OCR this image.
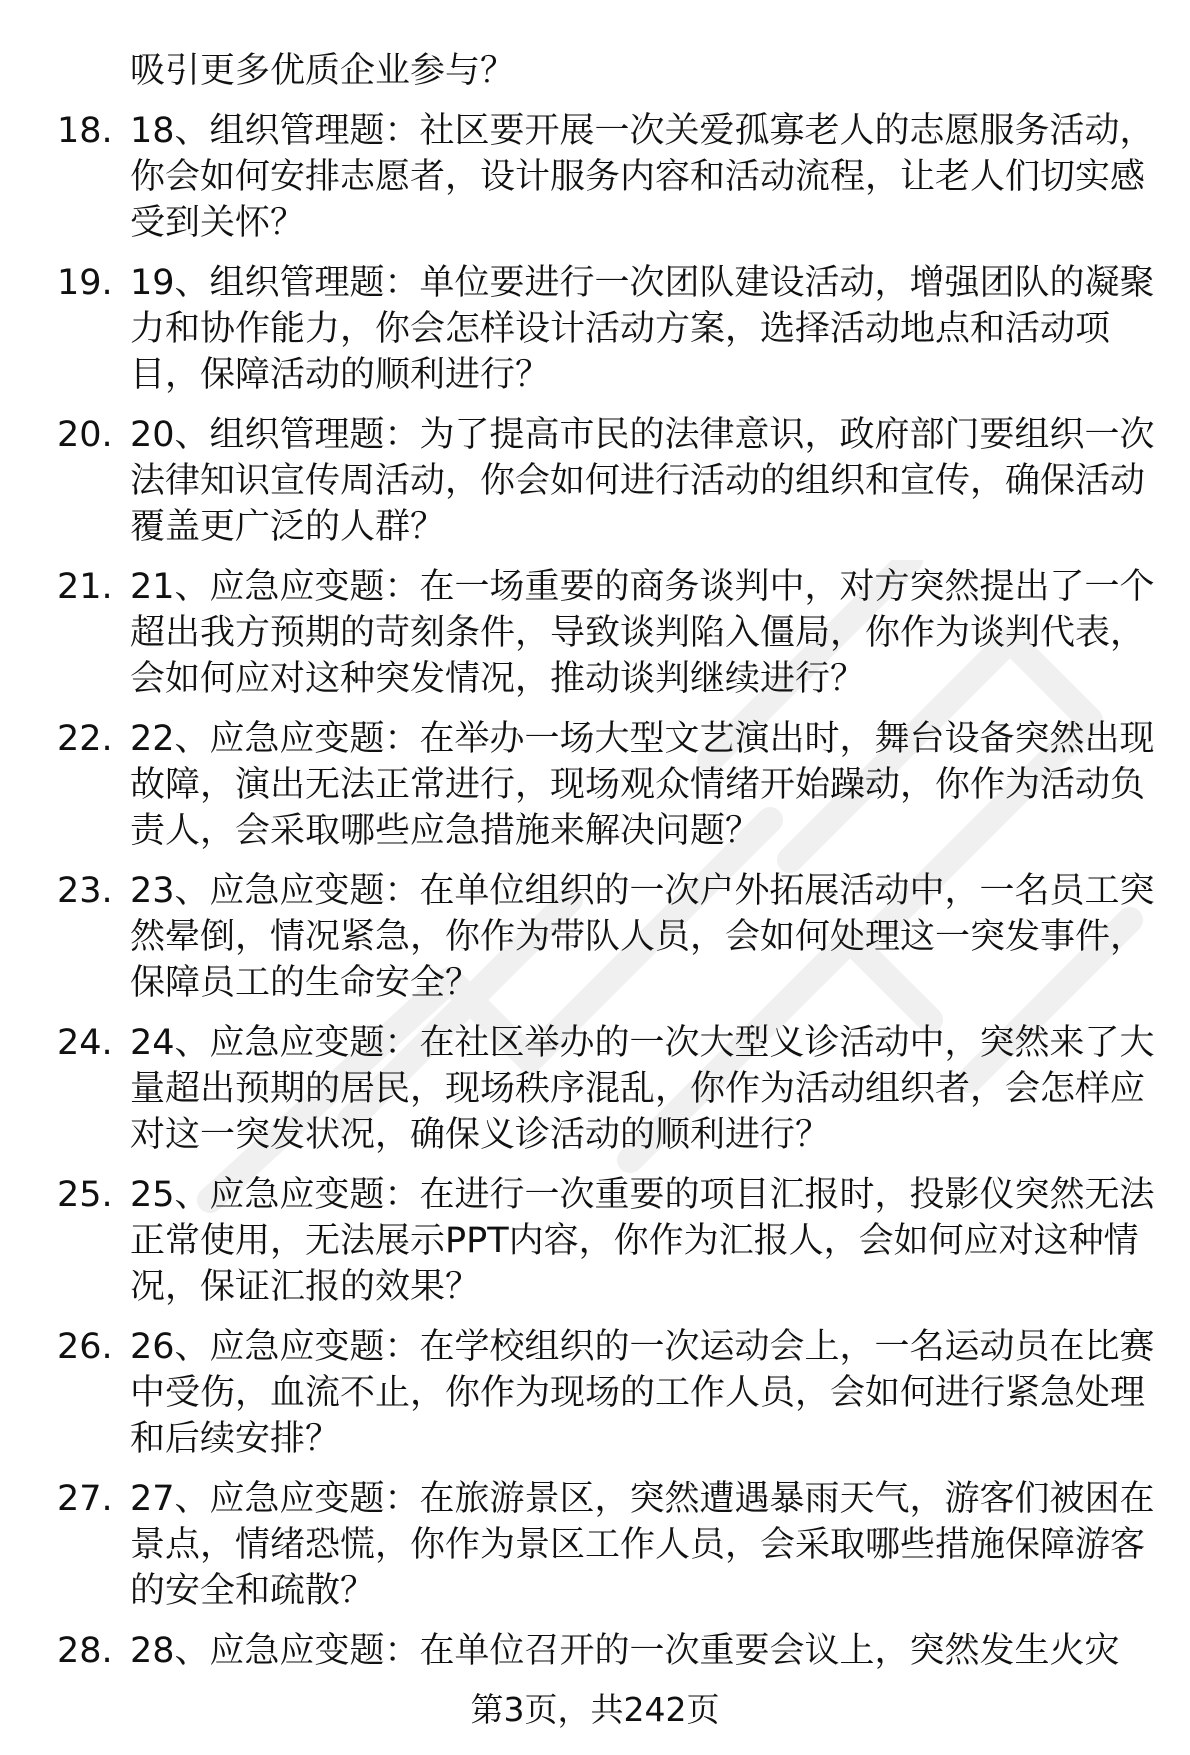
吸引更多优质企业参与？
18. 18、组织管理题：社区要开展一次关爱孤寡老人的志愿服务活动，你会如何安排志愿者，设计服务内容和活动流程，让老人们切实感受到关怀？
19. 19、组织管理题：单位要进行一次团队建设活动，增强团队的凝聚力和协作能力，你会怎样设计活动方案，选择活动地点和活动项目，保障活动的顺利进行？
20. 20、组织管理题：为了提高市民的法律意识，政府部门要组织一次法律知识宣传周活动，你会如何进行活动的组织和宣传，确保活动覆盖更广泛的人群？
21. 21、应急应变题：在一场重要的商务谈判中，对方突然提出了一个超出我方预期的苛刻条件，导致谈判陷入僵局，你作为谈判代表，会如何应对这种突发情况，推动谈判继续进行？
22. 22、应急应变题：在举办一场大型文艺演出时，舞台设备突然出现故障，演出无法正常进行，现场观众情绪开始躁动，你作为活动负责人，会采取哪些应急措施来解决问题？
23. 23、应急应变题：在单位组织的一次户外拓展活动中，一名员工突然晕倒，情况紧急，你作为带队人员，会如何处理这一突发事件，保障员工的生命安全？
24. 24、应急应变题：在社区举办的一次大型义诊活动中，突然来了大量超出预期的居民，现场秩序混乱，你作为活动组织者，会怎样应对这一突发状况，确保义诊活动的顺利进行？
25. 25、应急应变题：在进行一次重要的项目汇报时，投影仪突然无法正常使用，无法展示PPT内容，你作为汇报人，会如何应对这种情况，保证汇报的效果？
26. 26、应急应变题：在学校组织的一次运动会上，一名运动员在比赛中受伤，血流不止，你作为现场的工作人员，会如何进行紧急处理和后续安排？
27. 27、应急应变题：在旅游景区，突然遭遇暴雨天气，游客们被困在景点，情绪恐慌，你作为景区工作人员，会采取哪些措施保障游客的安全和疏散？
28. 28、应急应变题：在单位召开的一次重要会议上，突然发生火灾
第3页，共242页
